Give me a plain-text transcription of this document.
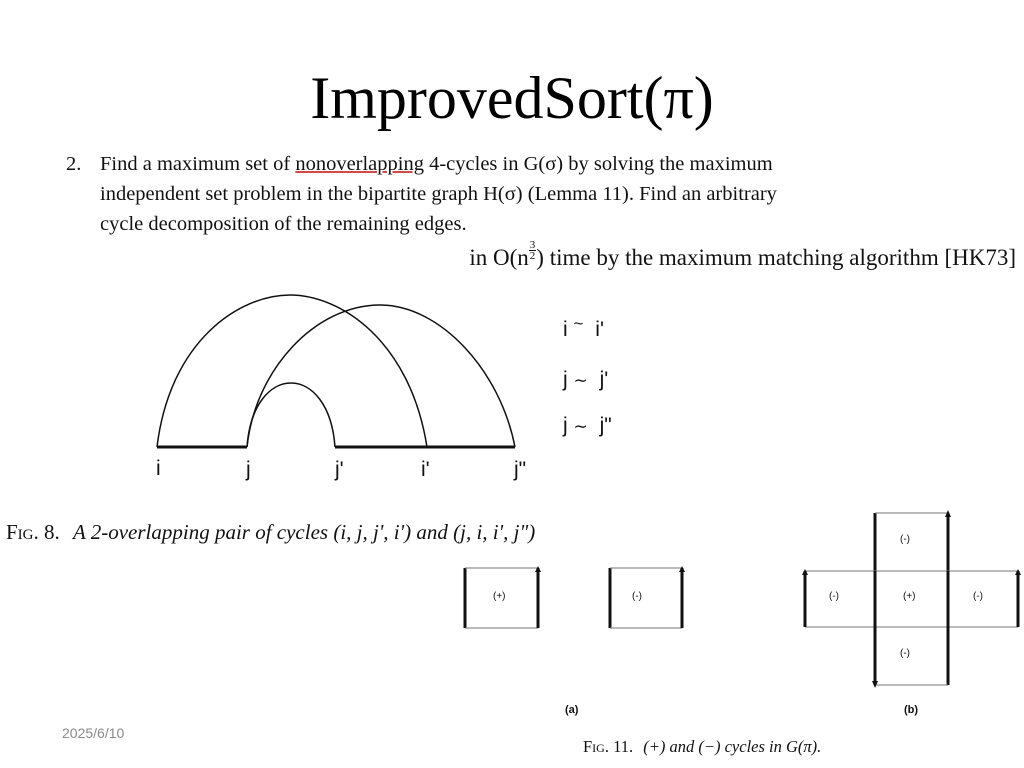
ImprovedSort(π)
2. Find a maximum set of nonoverlapping 4-cycles in G(σ) by solving the maximum
independent set problem in the bipartite graph H(σ) (Lemma 11). Find an arbitrary
cycle decomposition of the remaining edges.
in $O(n \frac{3}{2}$ ) time by the maximum matching algorithm [HK73]
i	j	j'	i'	j"
i ~ i'
j ∼ j'
j ∼ j"
Fig. 8. A 2-overlapping pair of cycles (i, j, j', i') and (j, i, i', j")
(+)	(-)
(-)
(-)	(+)	(-)
(-)
(a)	(b)
Fig. 11. (+) and (−) cycles in G(π).
2025/6/10
